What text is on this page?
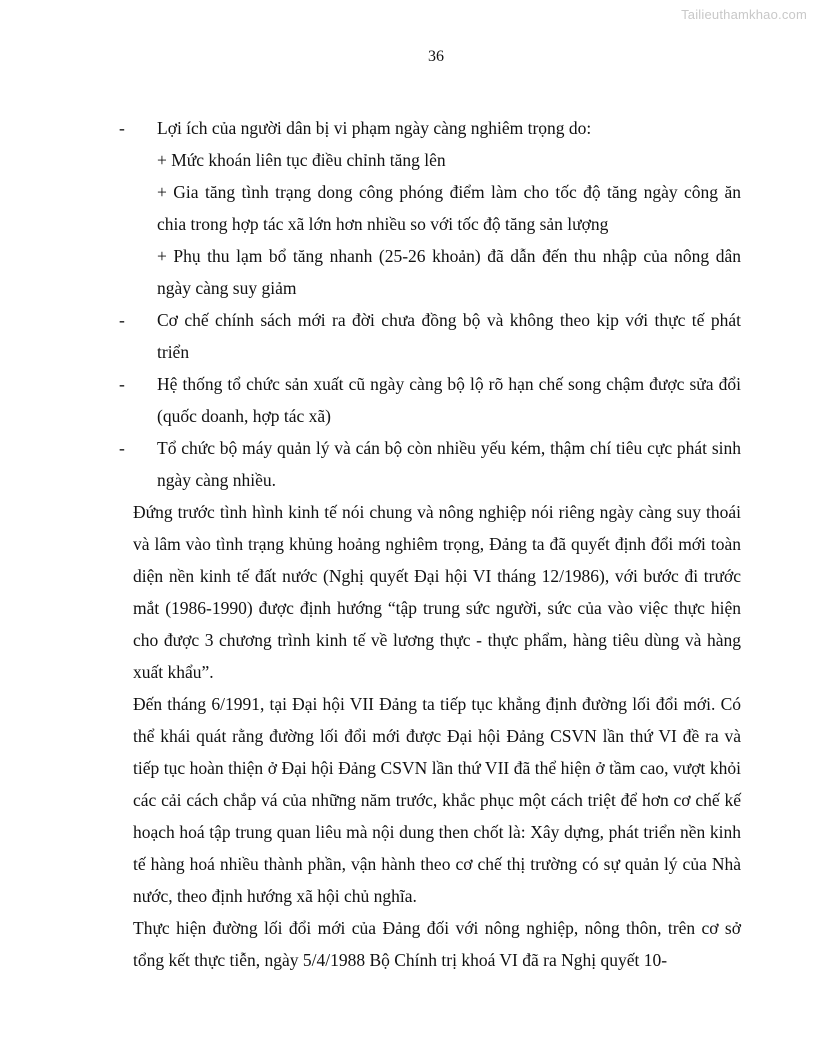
Tailieuthamkhao.com
36
- Lợi ích của người dân bị vi phạm ngày càng nghiêm trọng do:
+ Mức khoán liên tục điều chỉnh tăng lên
+ Gia tăng tình trạng dong công phóng điểm làm cho tốc độ tăng ngày công ăn chia trong hợp tác xã lớn hơn nhiều so với tốc độ tăng sản lượng
+ Phụ thu lạm bổ tăng nhanh (25-26 khoản) đã dẫn đến thu nhập của nông dân ngày càng suy giảm
- Cơ chế chính sách mới ra đời chưa đồng bộ và không theo kịp với thực tế phát triển
- Hệ thống tổ chức sản xuất cũ ngày càng bộ lộ rõ hạn chế song chậm được sửa đổi (quốc doanh, hợp tác xã)
- Tổ chức bộ máy quản lý và cán bộ còn nhiều yếu kém, thậm chí tiêu cực phát sinh ngày càng nhiều.
Đứng trước tình hình kinh tế nói chung và nông nghiệp nói riêng ngày càng suy thoái và lâm vào tình trạng khủng hoảng nghiêm trọng, Đảng ta đã quyết định đổi mới toàn diện nền kinh tế đất nước (Nghị quyết Đại hội VI tháng 12/1986), với bước đi trước mắt (1986-1990) được định hướng “tập trung sức người, sức của vào việc thực hiện cho được 3 chương trình kinh tế về lương thực - thực phẩm, hàng tiêu dùng và hàng xuất khẩu”.
Đến tháng 6/1991, tại Đại hội VII Đảng ta tiếp tục khẳng định đường lối đổi mới. Có thể khái quát rằng đường lối đổi mới được Đại hội Đảng CSVN lần thứ VI đề ra và tiếp tục hoàn thiện ở Đại hội Đảng CSVN lần thứ VII đã thể hiện ở tầm cao, vượt khỏi các cải cách chắp vá của những năm trước, khắc phục một cách triệt để hơn cơ chế kế hoạch hoá tập trung quan liêu mà nội dung then chốt là: Xây dựng, phát triển nền kinh tế hàng hoá nhiều thành phần, vận hành theo cơ chế thị trường có sự quản lý của Nhà nước, theo định hướng xã hội chủ nghĩa.
Thực hiện đường lối đổi mới của Đảng đối với nông nghiệp, nông thôn, trên cơ sở tổng kết thực tiễn, ngày 5/4/1988 Bộ Chính trị khoá VI đã ra Nghị quyết 10-
